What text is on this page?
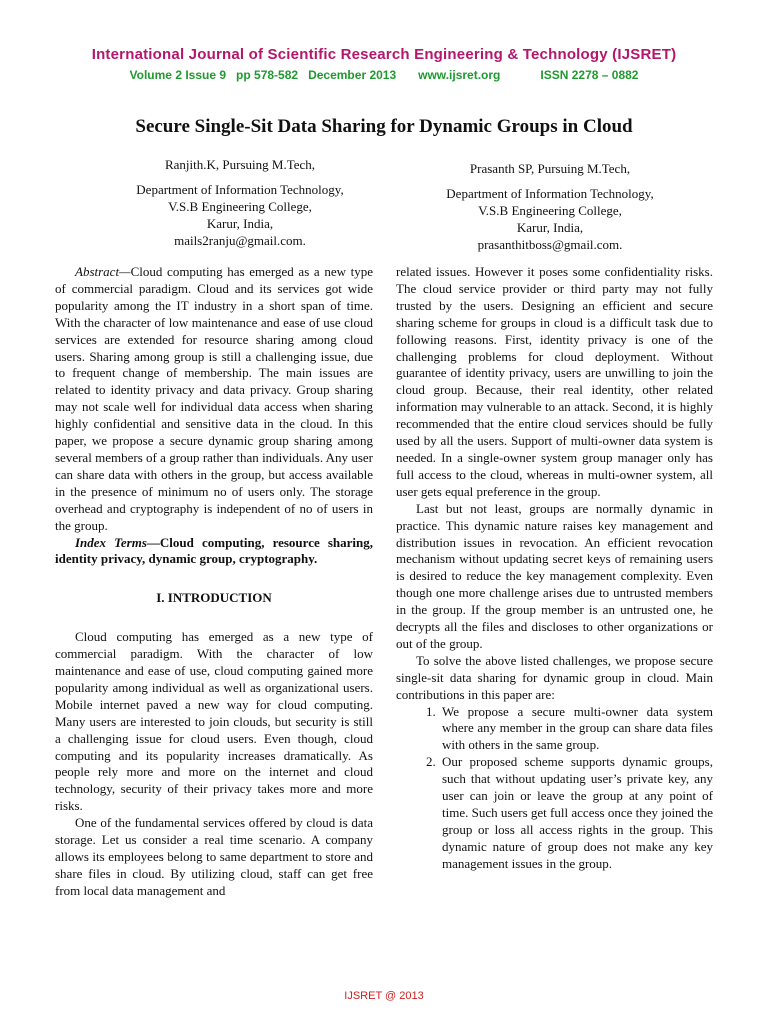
International Journal of Scientific Research Engineering & Technology (IJSRET)
Volume 2 Issue 9 pp 578-582 December 2013 www.ijsret.org	ISSN 2278 – 0882
Secure Single-Sit Data Sharing for Dynamic Groups in Cloud
Ranjith.K, Pursuing M.Tech,
Department of Information Technology,
V.S.B Engineering College,
Karur, India,
mails2ranju@gmail.com.
Prasanth SP, Pursuing M.Tech,
Department of Information Technology,
V.S.B Engineering College,
Karur, India,
prasanthitboss@gmail.com.

Abstract—Cloud computing has emerged as a new type of commercial paradigm. Cloud and its services got wide popularity among the IT industry in a short span of time. With the character of low maintenance and ease of use cloud services are extended for resource sharing among cloud users. Sharing among group is still a challenging issue, due to frequent change of membership. The main issues are related to identity privacy and data privacy. Group sharing may not scale well for individual data access when sharing highly confidential and sensitive data in the cloud. In this paper, we propose a secure dynamic group sharing among several members of a group rather than individuals. Any user can share data with others in the group, but access available in the presence of minimum no of users only. The storage overhead and cryptography is independent of no of users in the group.

Index Terms—Cloud computing, resource sharing, identity privacy, dynamic group, cryptography.

I. INTRODUCTION

Cloud computing has emerged as a new type of commercial paradigm. With the character of low maintenance and ease of use, cloud computing gained more popularity among individual as well as organizational users. Mobile internet paved a new way for cloud computing. Many users are interested to join clouds, but security is still a challenging issue for cloud users. Even though, cloud computing and its popularity increases dramatically. As people rely more and more on the internet and cloud technology, security of their privacy takes more and more risks.

One of the fundamental services offered by cloud is data storage. Let us consider a real time scenario. A company allows its employees belong to same department to store and share files in cloud. By utilizing cloud, staff can get free from local data management and

related issues. However it poses some confidentiality risks. The cloud service provider or third party may not fully trusted by the users. Designing an efficient and secure sharing scheme for groups in cloud is a difficult task due to following reasons. First, identity privacy is one of the challenging problems for cloud deployment. Without guarantee of identity privacy, users are unwilling to join the cloud group. Because, their real identity, other related information may vulnerable to an attack. Second, it is highly recommended that the entire cloud services should be fully used by all the users. Support of multi-owner data system is needed. In a single-owner system group manager only has full access to the cloud, whereas in multi-owner system, all user gets equal preference in the group.

Last but not least, groups are normally dynamic in practice. This dynamic nature raises key management and distribution issues in revocation. An efficient revocation mechanism without updating secret keys of remaining users is desired to reduce the key management complexity. Even though one more challenge arises due to untrusted members in the group. If the group member is an untrusted one, he decrypts all the files and discloses to other organizations or out of the group.

To solve the above listed challenges, we propose secure single-sit data sharing for dynamic group in cloud. Main contributions in this paper are:

1. We propose a secure multi-owner data system where any member in the group can share data files with others in the same group.
2. Our proposed scheme supports dynamic groups, such that without updating user’s private key, any user can join or leave the group at any point of time. Such users get full access once they joined the group or loss all access rights in the group. This dynamic nature of group does not make any key management issues in the group.
IJSRET @ 2013
